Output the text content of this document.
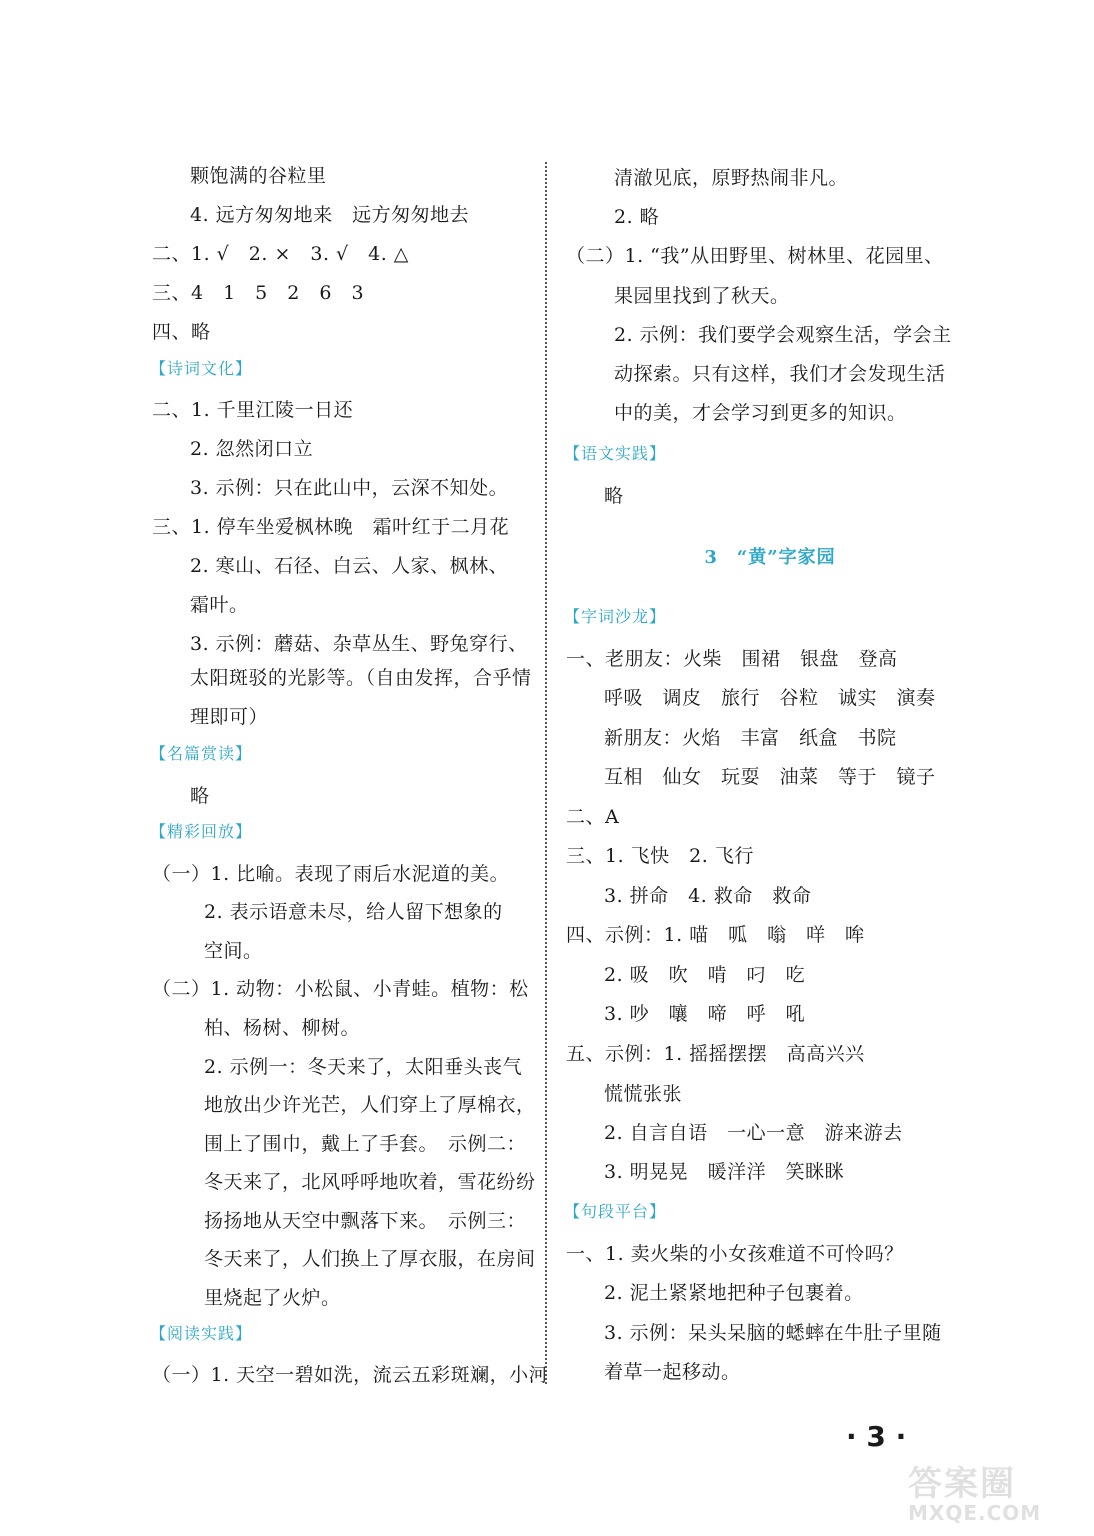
颗饱满的谷粒里
4. 远方匆匆地来　远方匆匆地去
二、1. √　2. ×　3. √　4. △
三、4　1　5　2　6　3
四、略
【诗词文化】
二、1. 千里江陵一日还
2. 忽然闭口立
3. 示例：只在此山中，云深不知处。
三、1. 停车坐爱枫林晚　霜叶红于二月花
2. 寒山、石径、白云、人家、枫林、
霜叶。
3. 示例：蘑菇、杂草丛生、野兔穿行、
太阳斑驳的光影等。（自由发挥，合乎情
理即可）
【名篇赏读】
略
【精彩回放】
（一）1. 比喻。表现了雨后水泥道的美。
2. 表示语意未尽，给人留下想象的
空间。
（二）1. 动物：小松鼠、小青蛙。植物：松
柏、杨树、柳树。
2. 示例一：冬天来了，太阳垂头丧气
地放出少许光芒，人们穿上了厚棉衣，
围上了围巾，戴上了手套。　示例二：
冬天来了，北风呼呼地吹着，雪花纷纷
扬扬地从天空中飘落下来。　示例三：
冬天来了，人们换上了厚衣服，在房间
里烧起了火炉。
【阅读实践】
（一）1. 天空一碧如洗，流云五彩斑斓，小河
清澈见底，原野热闹非凡。
2. 略
（二）1. “我”从田野里、树林里、花园里、
果园里找到了秋天。
2. 示例：我们要学会观察生活，学会主
动探索。只有这样，我们才会发现生活
中的美，才会学习到更多的知识。
【语文实践】
略
【字词沙龙】
一、老朋友：火柴　围裙　银盘　登高
呼吸　调皮　旅行　谷粒　诚实　演奏
新朋友：火焰　丰富　纸盒　书院
互相　仙女　玩耍　油菜　等于　镜子
二、A
三、1. 飞快　2. 飞行
3. 拼命　4. 救命　救命
四、示例：1. 喵　呱　嗡　咩　哞
2. 吸　吹　啃　叼　吃
3. 吵　嚷　啼　呼　吼
五、示例：1. 摇摇摆摆　高高兴兴
慌慌张张
2. 自言自语　一心一意　游来游去
3. 明晃晃　暖洋洋　笑眯眯
【句段平台】
一、1. 卖火柴的小女孩难道不可怜吗？
2. 泥土紧紧地把种子包裹着。
3. 示例：呆头呆脑的蟋蟀在牛肚子里随
着草一起移动。
3　“黄”字家园
· 3 ·
答案圈
MXQE.COM
